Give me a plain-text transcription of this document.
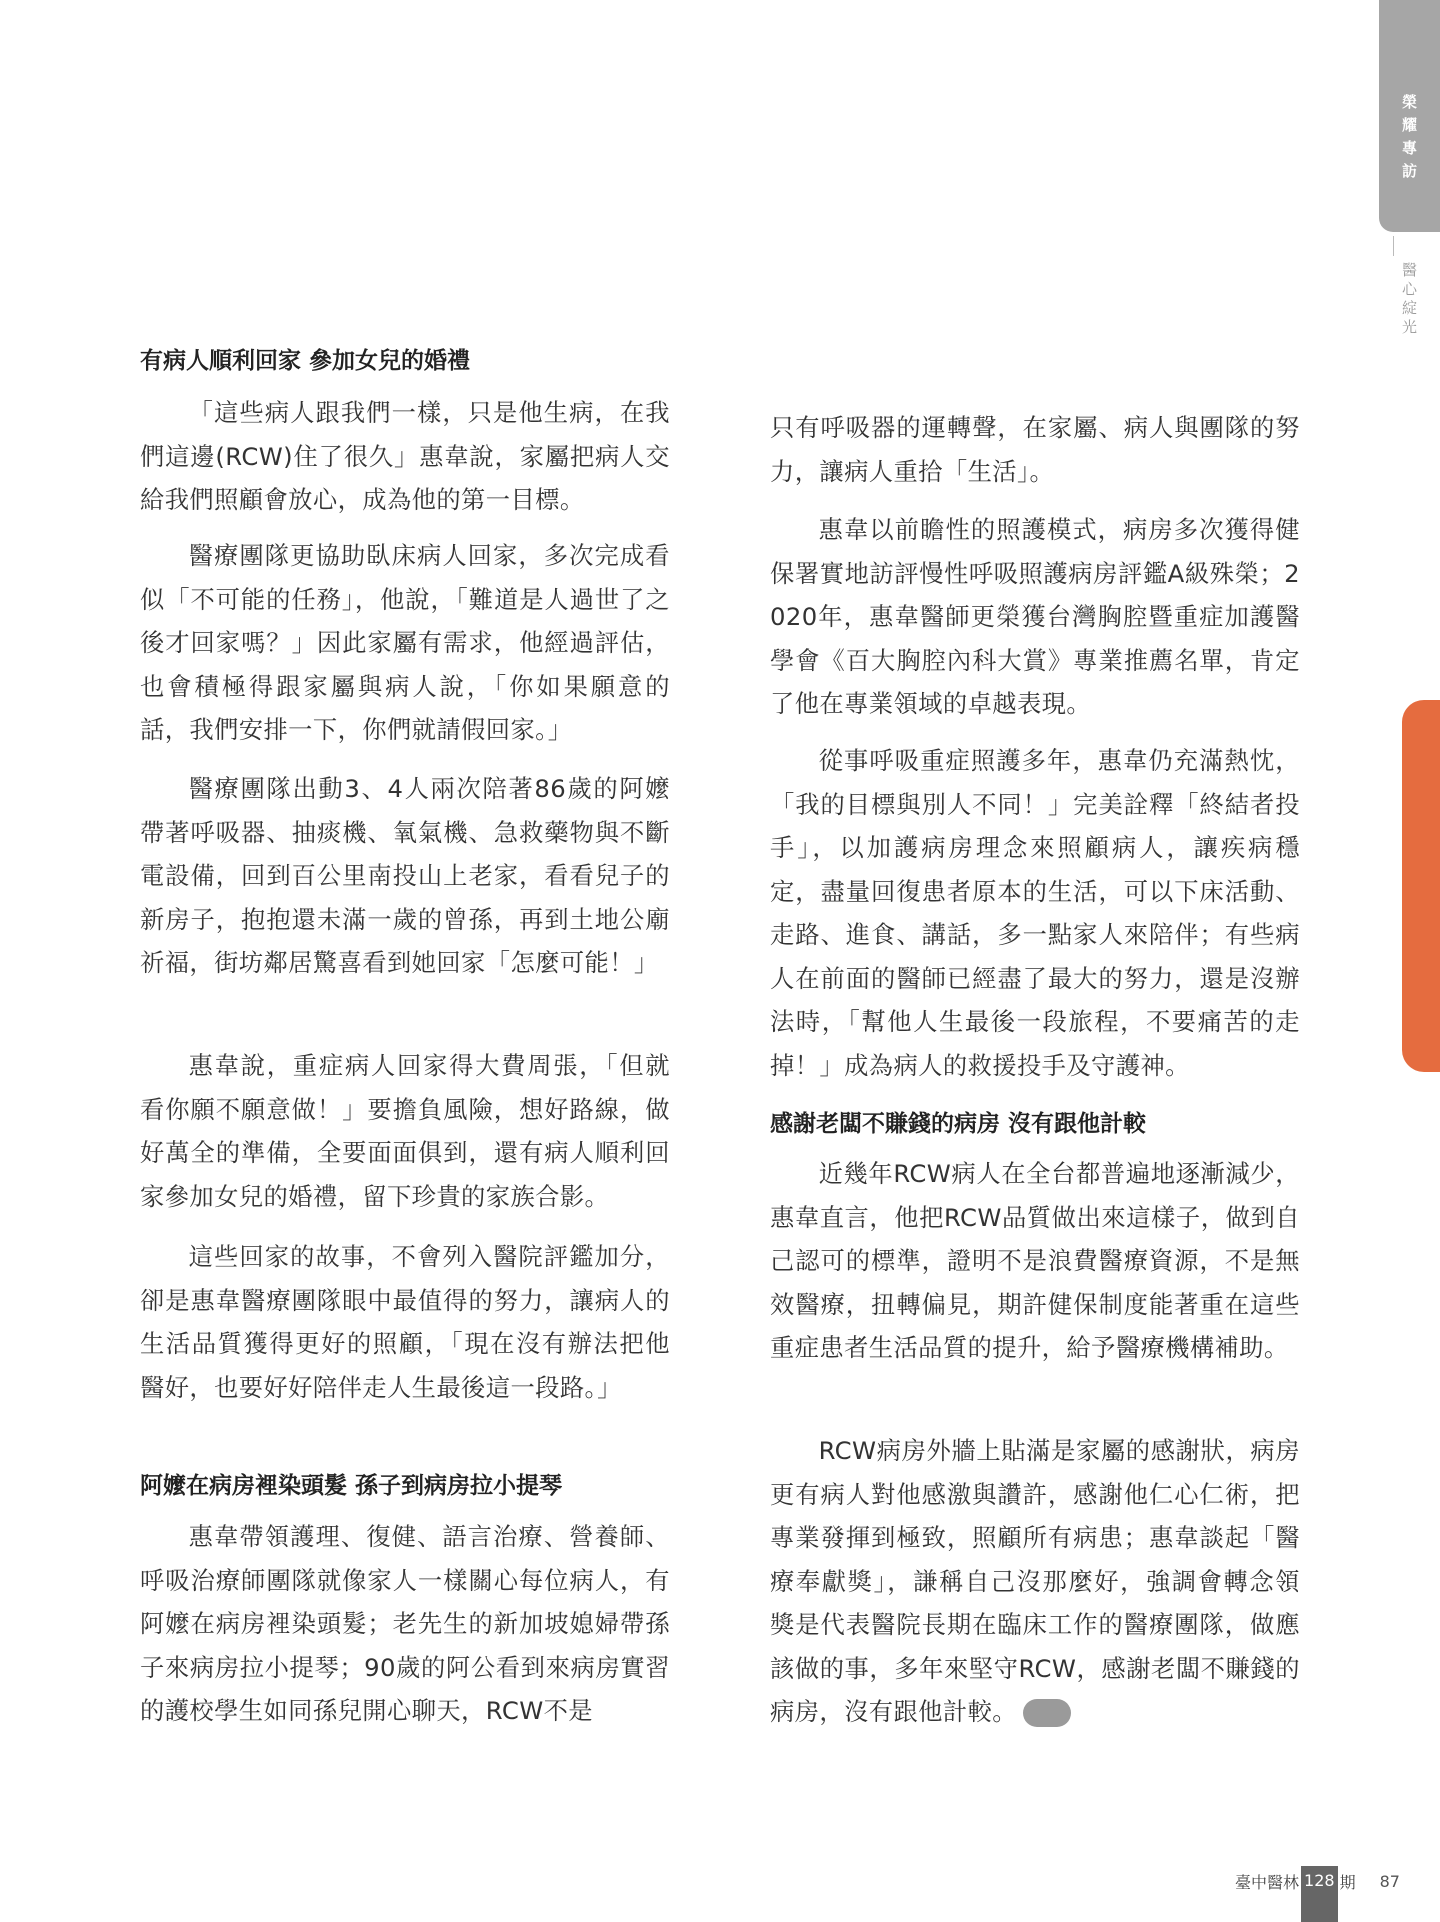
榮耀專訪
醫心綻光
有病人順利回家 參加女兒的婚禮
「這些病人跟我們一樣，只是他生病，在我們這邊(RCW)住了很久」惠韋說，家屬把病人交給我們照顧會放心，成為他的第一目標。
醫療團隊更協助臥床病人回家，多次完成看似「不可能的任務」，他說，「難道是人過世了之後才回家嗎？」因此家屬有需求，他經過評估，也會積極得跟家屬與病人說，「你如果願意的話，我們安排一下，你們就請假回家。」
醫療團隊出動3、4人兩次陪著86歲的阿嬤帶著呼吸器、抽痰機、氧氣機、急救藥物與不斷電設備，回到百公里南投山上老家，看看兒子的新房子，抱抱還未滿一歲的曾孫，再到土地公廟祈福，街坊鄰居驚喜看到她回家「怎麼可能！」
惠韋說，重症病人回家得大費周張，「但就看你願不願意做！」要擔負風險，想好路線，做好萬全的準備，全要面面俱到，還有病人順利回家參加女兒的婚禮，留下珍貴的家族合影。
這些回家的故事，不會列入醫院評鑑加分，卻是惠韋醫療團隊眼中最值得的努力，讓病人的生活品質獲得更好的照顧，「現在沒有辦法把他醫好，也要好好陪伴走人生最後這一段路。」
阿嬤在病房裡染頭髮 孫子到病房拉小提琴
惠韋帶領護理、復健、語言治療、營養師、呼吸治療師團隊就像家人一樣關心每位病人，有阿嬤在病房裡染頭髮；老先生的新加坡媳婦帶孫子來病房拉小提琴；90歲的阿公看到來病房實習的護校學生如同孫兒開心聊天，RCW不是
只有呼吸器的運轉聲，在家屬、病人與團隊的努力，讓病人重拾「生活」。
惠韋以前瞻性的照護模式，病房多次獲得健保署實地訪評慢性呼吸照護病房評鑑A級殊榮；2020年，惠韋醫師更榮獲台灣胸腔暨重症加護醫學會《百大胸腔內科大賞》專業推薦名單，肯定了他在專業領域的卓越表現。
從事呼吸重症照護多年，惠韋仍充滿熱忱，「我的目標與別人不同！」完美詮釋「終結者投手」，以加護病房理念來照顧病人，讓疾病穩定，盡量回復患者原本的生活，可以下床活動、走路、進食、講話，多一點家人來陪伴；有些病人在前面的醫師已經盡了最大的努力，還是沒辦法時，「幫他人生最後一段旅程，不要痛苦的走掉！」成為病人的救援投手及守護神。
感謝老闆不賺錢的病房 沒有跟他計較
近幾年RCW病人在全台都普遍地逐漸減少，惠韋直言，他把RCW品質做出來這樣子，做到自己認可的標準，證明不是浪費醫療資源，不是無效醫療，扭轉偏見，期許健保制度能著重在這些重症患者生活品質的提升，給予醫療機構補助。
RCW病房外牆上貼滿是家屬的感謝狀，病房更有病人對他感激與讚許，感謝他仁心仁術，把專業發揮到極致，照顧所有病患；惠韋談起「醫療奉獻獎」，謙稱自己沒那麼好，強調會轉念領獎是代表醫院長期在臨床工作的醫療團隊，做應該做的事，多年來堅守RCW，感謝老闆不賺錢的病房，沒有跟他計較。	»»
臺中醫林 128 期 87
